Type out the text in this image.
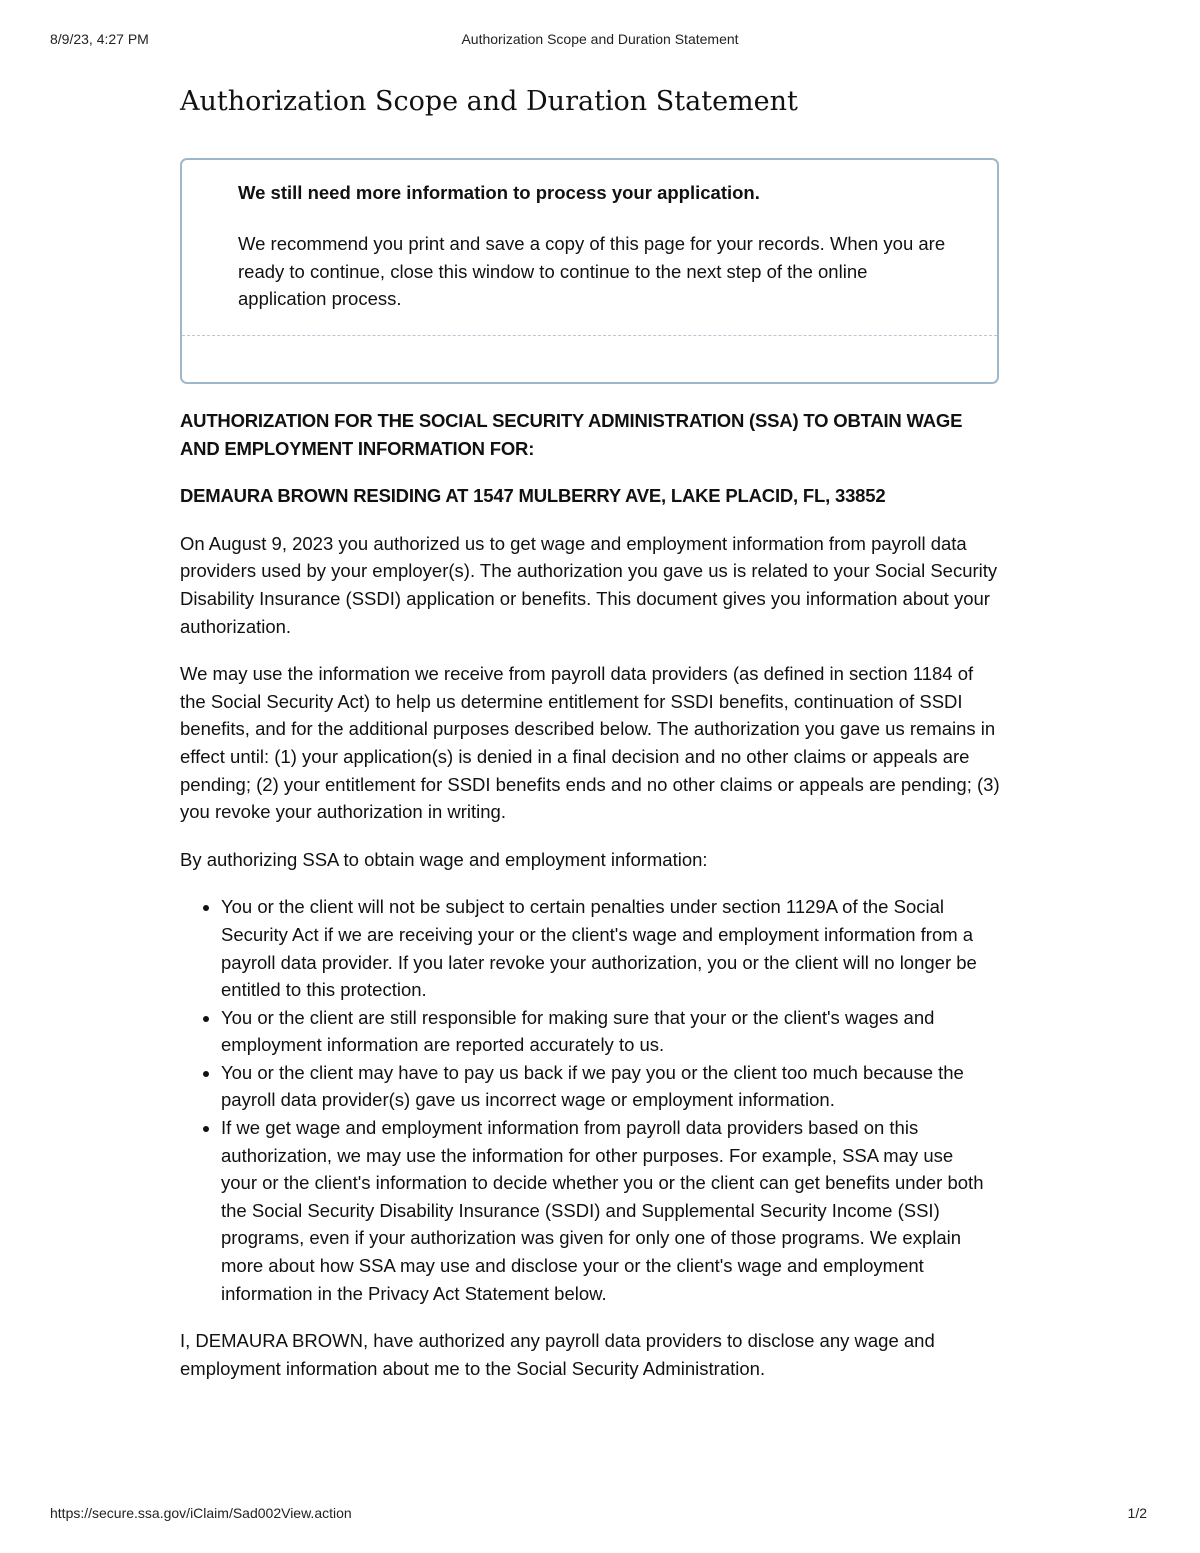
8/9/23, 4:27 PM	Authorization Scope and Duration Statement
Authorization Scope and Duration Statement

We still need more information to process your application.

We recommend you print and save a copy of this page for your records. When you are ready to continue, close this window to continue to the next step of the online application process.

AUTHORIZATION FOR THE SOCIAL SECURITY ADMINISTRATION (SSA) TO OBTAIN WAGE AND EMPLOYMENT INFORMATION FOR:

DEMAURA BROWN RESIDING AT 1547 MULBERRY AVE, LAKE PLACID, FL, 33852

On August 9, 2023 you authorized us to get wage and employment information from payroll data providers used by your employer(s). The authorization you gave us is related to your Social Security Disability Insurance (SSDI) application or benefits. This document gives you information about your authorization.

We may use the information we receive from payroll data providers (as defined in section 1184 of the Social Security Act) to help us determine entitlement for SSDI benefits, continuation of SSDI benefits, and for the additional purposes described below. The authorization you gave us remains in effect until: (1) your application(s) is denied in a final decision and no other claims or appeals are pending; (2) your entitlement for SSDI benefits ends and no other claims or appeals are pending; (3) you revoke your authorization in writing.

By authorizing SSA to obtain wage and employment information:

• You or the client will not be subject to certain penalties under section 1129A of the Social Security Act if we are receiving your or the client's wage and employment information from a payroll data provider. If you later revoke your authorization, you or the client will no longer be entitled to this protection.
• You or the client are still responsible for making sure that your or the client's wages and employment information are reported accurately to us.
• You or the client may have to pay us back if we pay you or the client too much because the payroll data provider(s) gave us incorrect wage or employment information.
• If we get wage and employment information from payroll data providers based on this authorization, we may use the information for other purposes. For example, SSA may use your or the client's information to decide whether you or the client can get benefits under both the Social Security Disability Insurance (SSDI) and Supplemental Security Income (SSI) programs, even if your authorization was given for only one of those programs. We explain more about how SSA may use and disclose your or the client's wage and employment information in the Privacy Act Statement below.

I, DEMAURA BROWN, have authorized any payroll data providers to disclose any wage and employment information about me to the Social Security Administration.

https://secure.ssa.gov/iClaim/Sad002View.action	1/2
